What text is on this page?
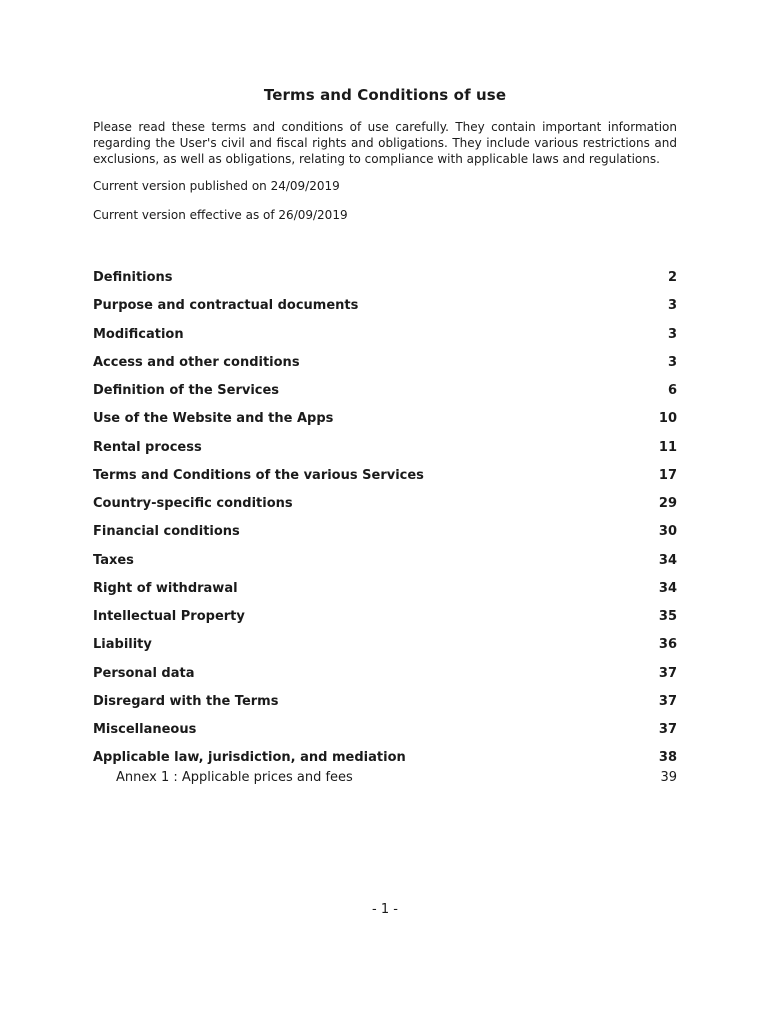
Terms and Conditions of use
Please read these terms and conditions of use carefully. They contain important information regarding the User's civil and fiscal rights and obligations. They include various restrictions and exclusions, as well as obligations, relating to compliance with applicable laws and regulations.
Current version published on 24/09/2019
Current version effective as of 26/09/2019
Definitions	2
Purpose and contractual documents	3
Modification	3
Access and other conditions	3
Definition of the Services	6
Use of the Website and the Apps	10
Rental process	11
Terms and Conditions of the various Services	17
Country-specific conditions	29
Financial conditions	30
Taxes	34
Right of withdrawal	34
Intellectual Property	35
Liability	36
Personal data	37
Disregard with the Terms	37
Miscellaneous	37
Applicable law, jurisdiction, and mediation	38
Annex 1 : Applicable prices and fees	39
- 1 -
